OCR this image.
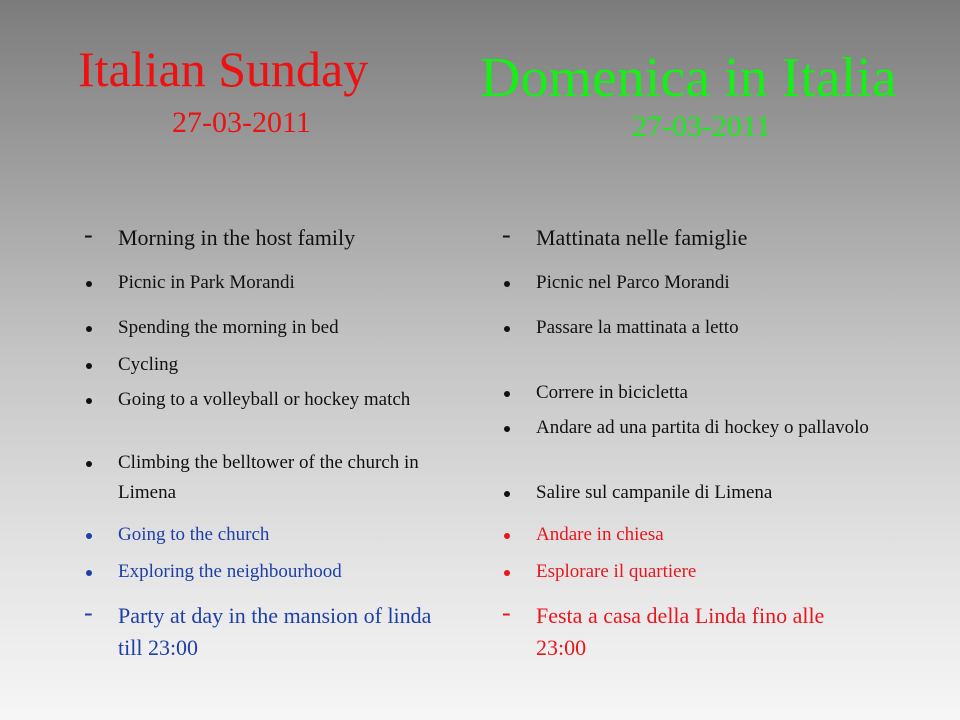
Italian Sunday
27-03-2011
Domenica in Italia
27-03-2011
- Morning in the host family
Picnic in Park Morandi
Spending the morning in bed
Cycling
Going to a volleyball or hockey match
Climbing the belltower of the church in Limena
Going to the church
Exploring the neighbourhood
- Party at day in the mansion of linda till 23:00
- Mattinata nelle famiglie
Picnic nel Parco Morandi
Passare la mattinata a letto
Correre in bicicletta
Andare ad una partita di hockey o pallavolo
Salire sul campanile di Limena
Andare in chiesa
Esplorare il quartiere
- Festa a casa della Linda fino alle 23:00
